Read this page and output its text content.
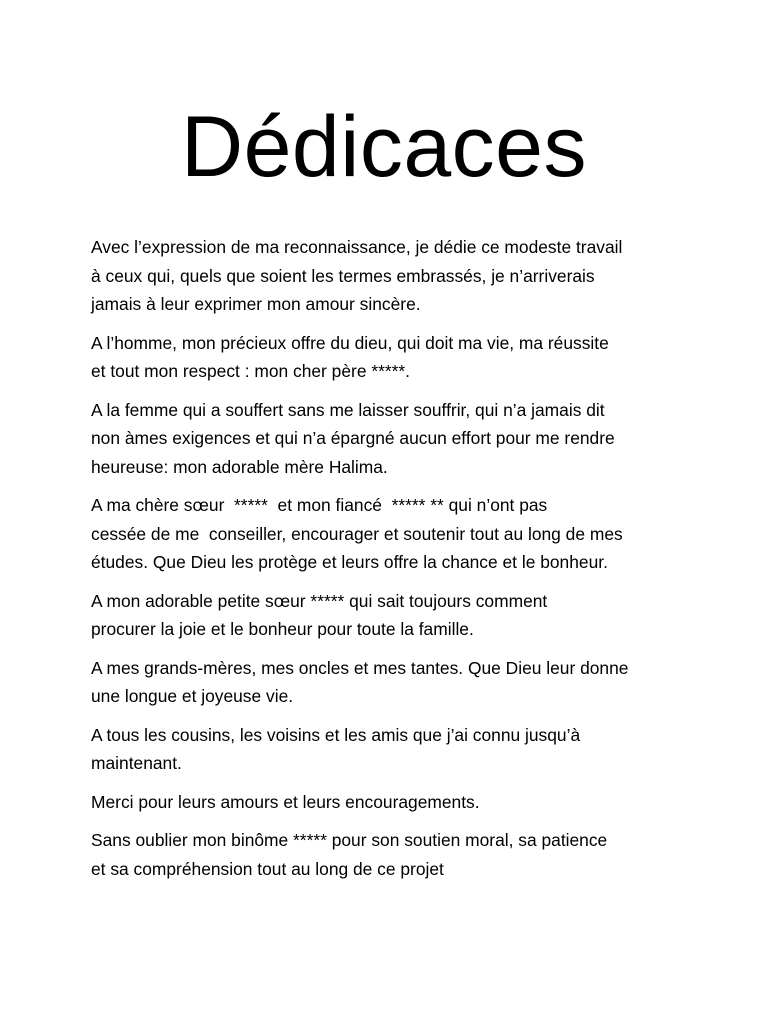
Dédicaces

Avec l’expression de ma reconnaissance, je dédie ce modeste travail
à ceux qui, quels que soient les termes embrassés, je n’arriverais
jamais à leur exprimer mon amour sincère.

A l’homme, mon précieux offre du dieu, qui doit ma vie, ma réussite
et tout mon respect : mon cher père *****.

A la femme qui a souffert sans me laisser souffrir, qui n’a jamais dit
non àmes exigences et qui n’a épargné aucun effort pour me rendre
heureuse: mon adorable mère Halima.

A ma chère sœur  *****  et mon fiancé  ***** ** qui n’ont pas
cessée de me  conseiller, encourager et soutenir tout au long de mes
études. Que Dieu les protège et leurs offre la chance et le bonheur.

A mon adorable petite sœur ***** qui sait toujours comment
procurer la joie et le bonheur pour toute la famille.

A mes grands-mères, mes oncles et mes tantes. Que Dieu leur donne
une longue et joyeuse vie.

A tous les cousins, les voisins et les amis que j’ai connu jusqu’à
maintenant.

Merci pour leurs amours et leurs encouragements.

Sans oublier mon binôme ***** pour son soutien moral, sa patience
et sa compréhension tout au long de ce projet
